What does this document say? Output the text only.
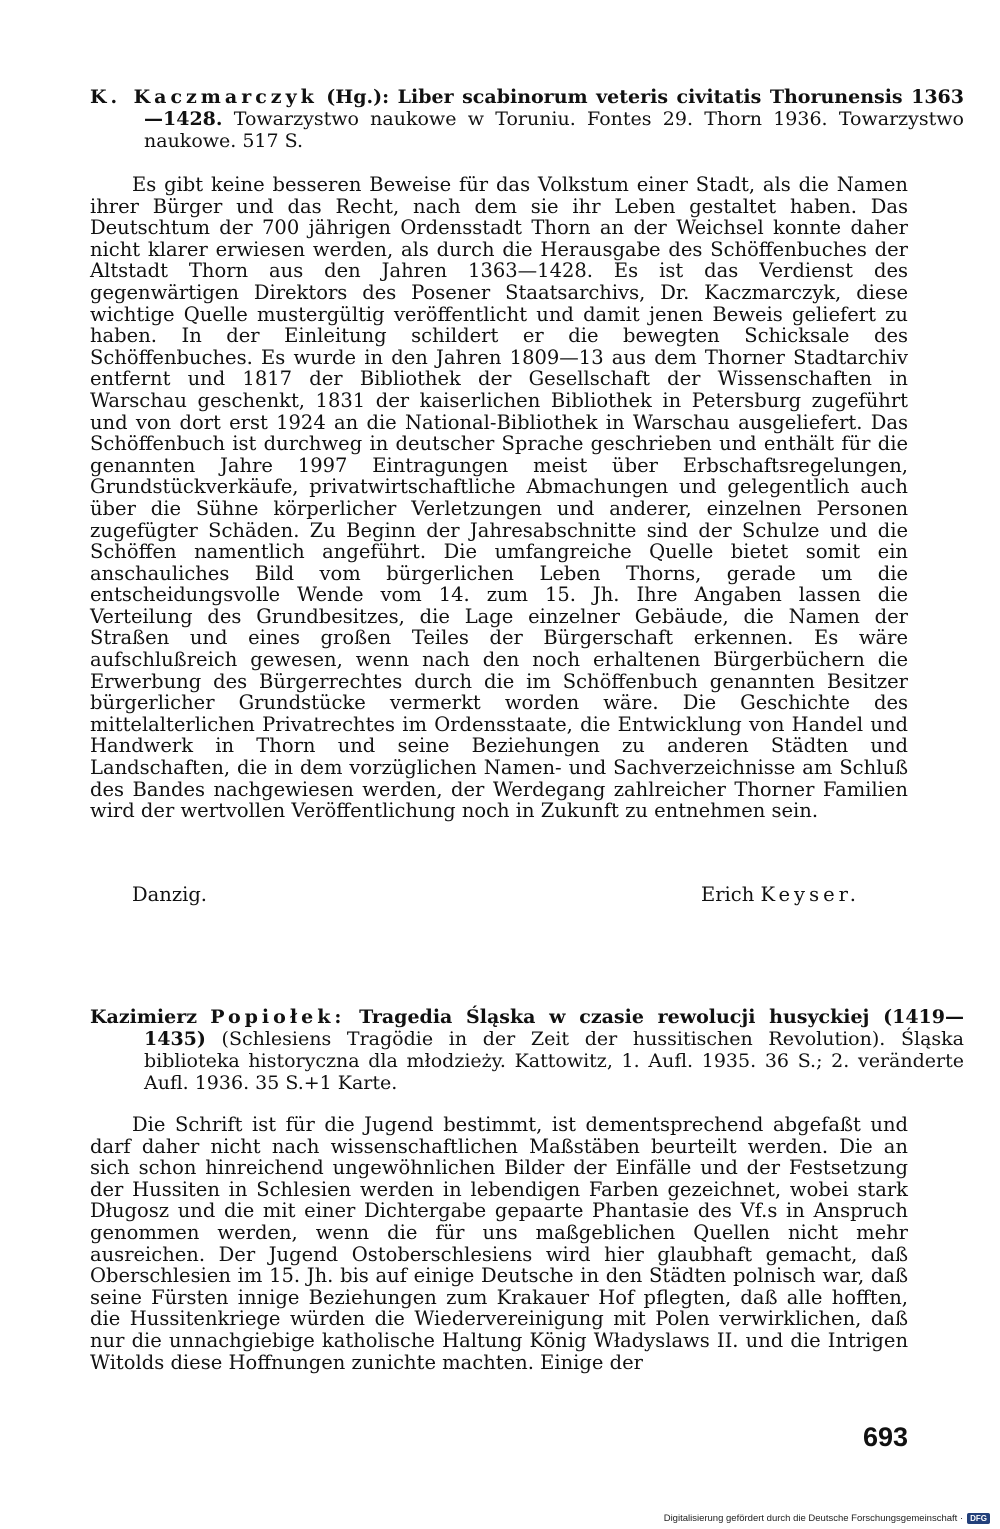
K. Kaczmarczyk (Hg.): Liber scabinorum veteris civitatis Thorunensis 1363—1428. Towarzystwo naukowe w Toruniu. Fontes 29. Thorn 1936. Towarzystwo naukowe. 517 S.

Es gibt keine besseren Beweise für das Volkstum einer Stadt, als die Namen ihrer Bürger und das Recht, nach dem sie ihr Leben gestaltet haben. Das Deutschtum der 700 jährigen Ordensstadt Thorn an der Weichsel konnte daher nicht klarer erwiesen werden, als durch die Herausgabe des Schöffenbuches der Altstadt Thorn aus den Jahren 1363—1428. Es ist das Verdienst des gegenwärtigen Direktors des Posener Staatsarchivs, Dr. Kaczmarczyk, diese wichtige Quelle mustergültig veröffentlicht und damit jenen Beweis geliefert zu haben. In der Einleitung schildert er die bewegten Schicksale des Schöffenbuches. Es wurde in den Jahren 1809—13 aus dem Thorner Stadtarchiv entfernt und 1817 der Bibliothek der Gesellschaft der Wissenschaften in Warschau geschenkt, 1831 der kaiserlichen Bibliothek in Petersburg zugeführt und von dort erst 1924 an die National-Bibliothek in Warschau ausgeliefert. Das Schöffenbuch ist durchweg in deutscher Sprache geschrieben und enthält für die genannten Jahre 1997 Eintragungen meist über Erbschaftsregelungen, Grundstückverkäufe, privatwirtschaftliche Abmachungen und gelegentlich auch über die Sühne körperlicher Verletzungen und anderer, einzelnen Personen zugefügter Schäden. Zu Beginn der Jahresabschnitte sind der Schulze und die Schöffen namentlich angeführt. Die umfangreiche Quelle bietet somit ein anschauliches Bild vom bürgerlichen Leben Thorns, gerade um die entscheidungsvolle Wende vom 14. zum 15. Jh. Ihre Angaben lassen die Verteilung des Grundbesitzes, die Lage einzelner Gebäude, die Namen der Straßen und eines großen Teiles der Bürgerschaft erkennen. Es wäre aufschlußreich gewesen, wenn nach den noch erhaltenen Bürgerbüchern die Erwerbung des Bürgerrechtes durch die im Schöffenbuch genannten Besitzer bürgerlicher Grundstücke vermerkt worden wäre. Die Geschichte des mittelalterlichen Privatrechtes im Ordensstaate, die Entwicklung von Handel und Handwerk in Thorn und seine Beziehungen zu anderen Städten und Landschaften, die in dem vorzüglichen Namen- und Sachverzeichnisse am Schluß des Bandes nachgewiesen werden, der Werdegang zahlreicher Thorner Familien wird der wertvollen Veröffentlichung noch in Zukunft zu entnehmen sein.

Danzig.	Erich Keyser.
Kazimierz Popiołek: Tragedia Śląska w czasie rewolucji husyckiej (1419—1435) (Schlesiens Tragödie in der Zeit der hussitischen Revolution). Śląska biblioteka historyczna dla młodzieży. Kattowitz, 1. Aufl. 1935. 36 S.; 2. veränderte Aufl. 1936. 35 S.+1 Karte.

Die Schrift ist für die Jugend bestimmt, ist dementsprechend abgefaßt und darf daher nicht nach wissenschaftlichen Maßstäben beurteilt werden. Die an sich schon hinreichend ungewöhnlichen Bilder der Einfälle und der Festsetzung der Hussiten in Schlesien werden in lebendigen Farben gezeichnet, wobei stark Długosz und die mit einer Dichtergabe gepaarte Phantasie des Vf.s in Anspruch genommen werden, wenn die für uns maßgeblichen Quellen nicht mehr ausreichen. Der Jugend Ostoberschlesiens wird hier glaubhaft gemacht, daß Oberschlesien im 15. Jh. bis auf einige Deutsche in den Städten polnisch war, daß seine Fürsten innige Beziehungen zum Krakauer Hof pflegten, daß alle hofften, die Hussitenkriege würden die Wiedervereinigung mit Polen verwirklichen, daß nur die unnachgiebige katholische Haltung König Władyslaws II. und die Intrigen Witolds diese Hoffnungen zunichte machten. Einige der

693
Digitalisierung gefördert durch die Deutsche Forschungsgemeinschaft · DFG
